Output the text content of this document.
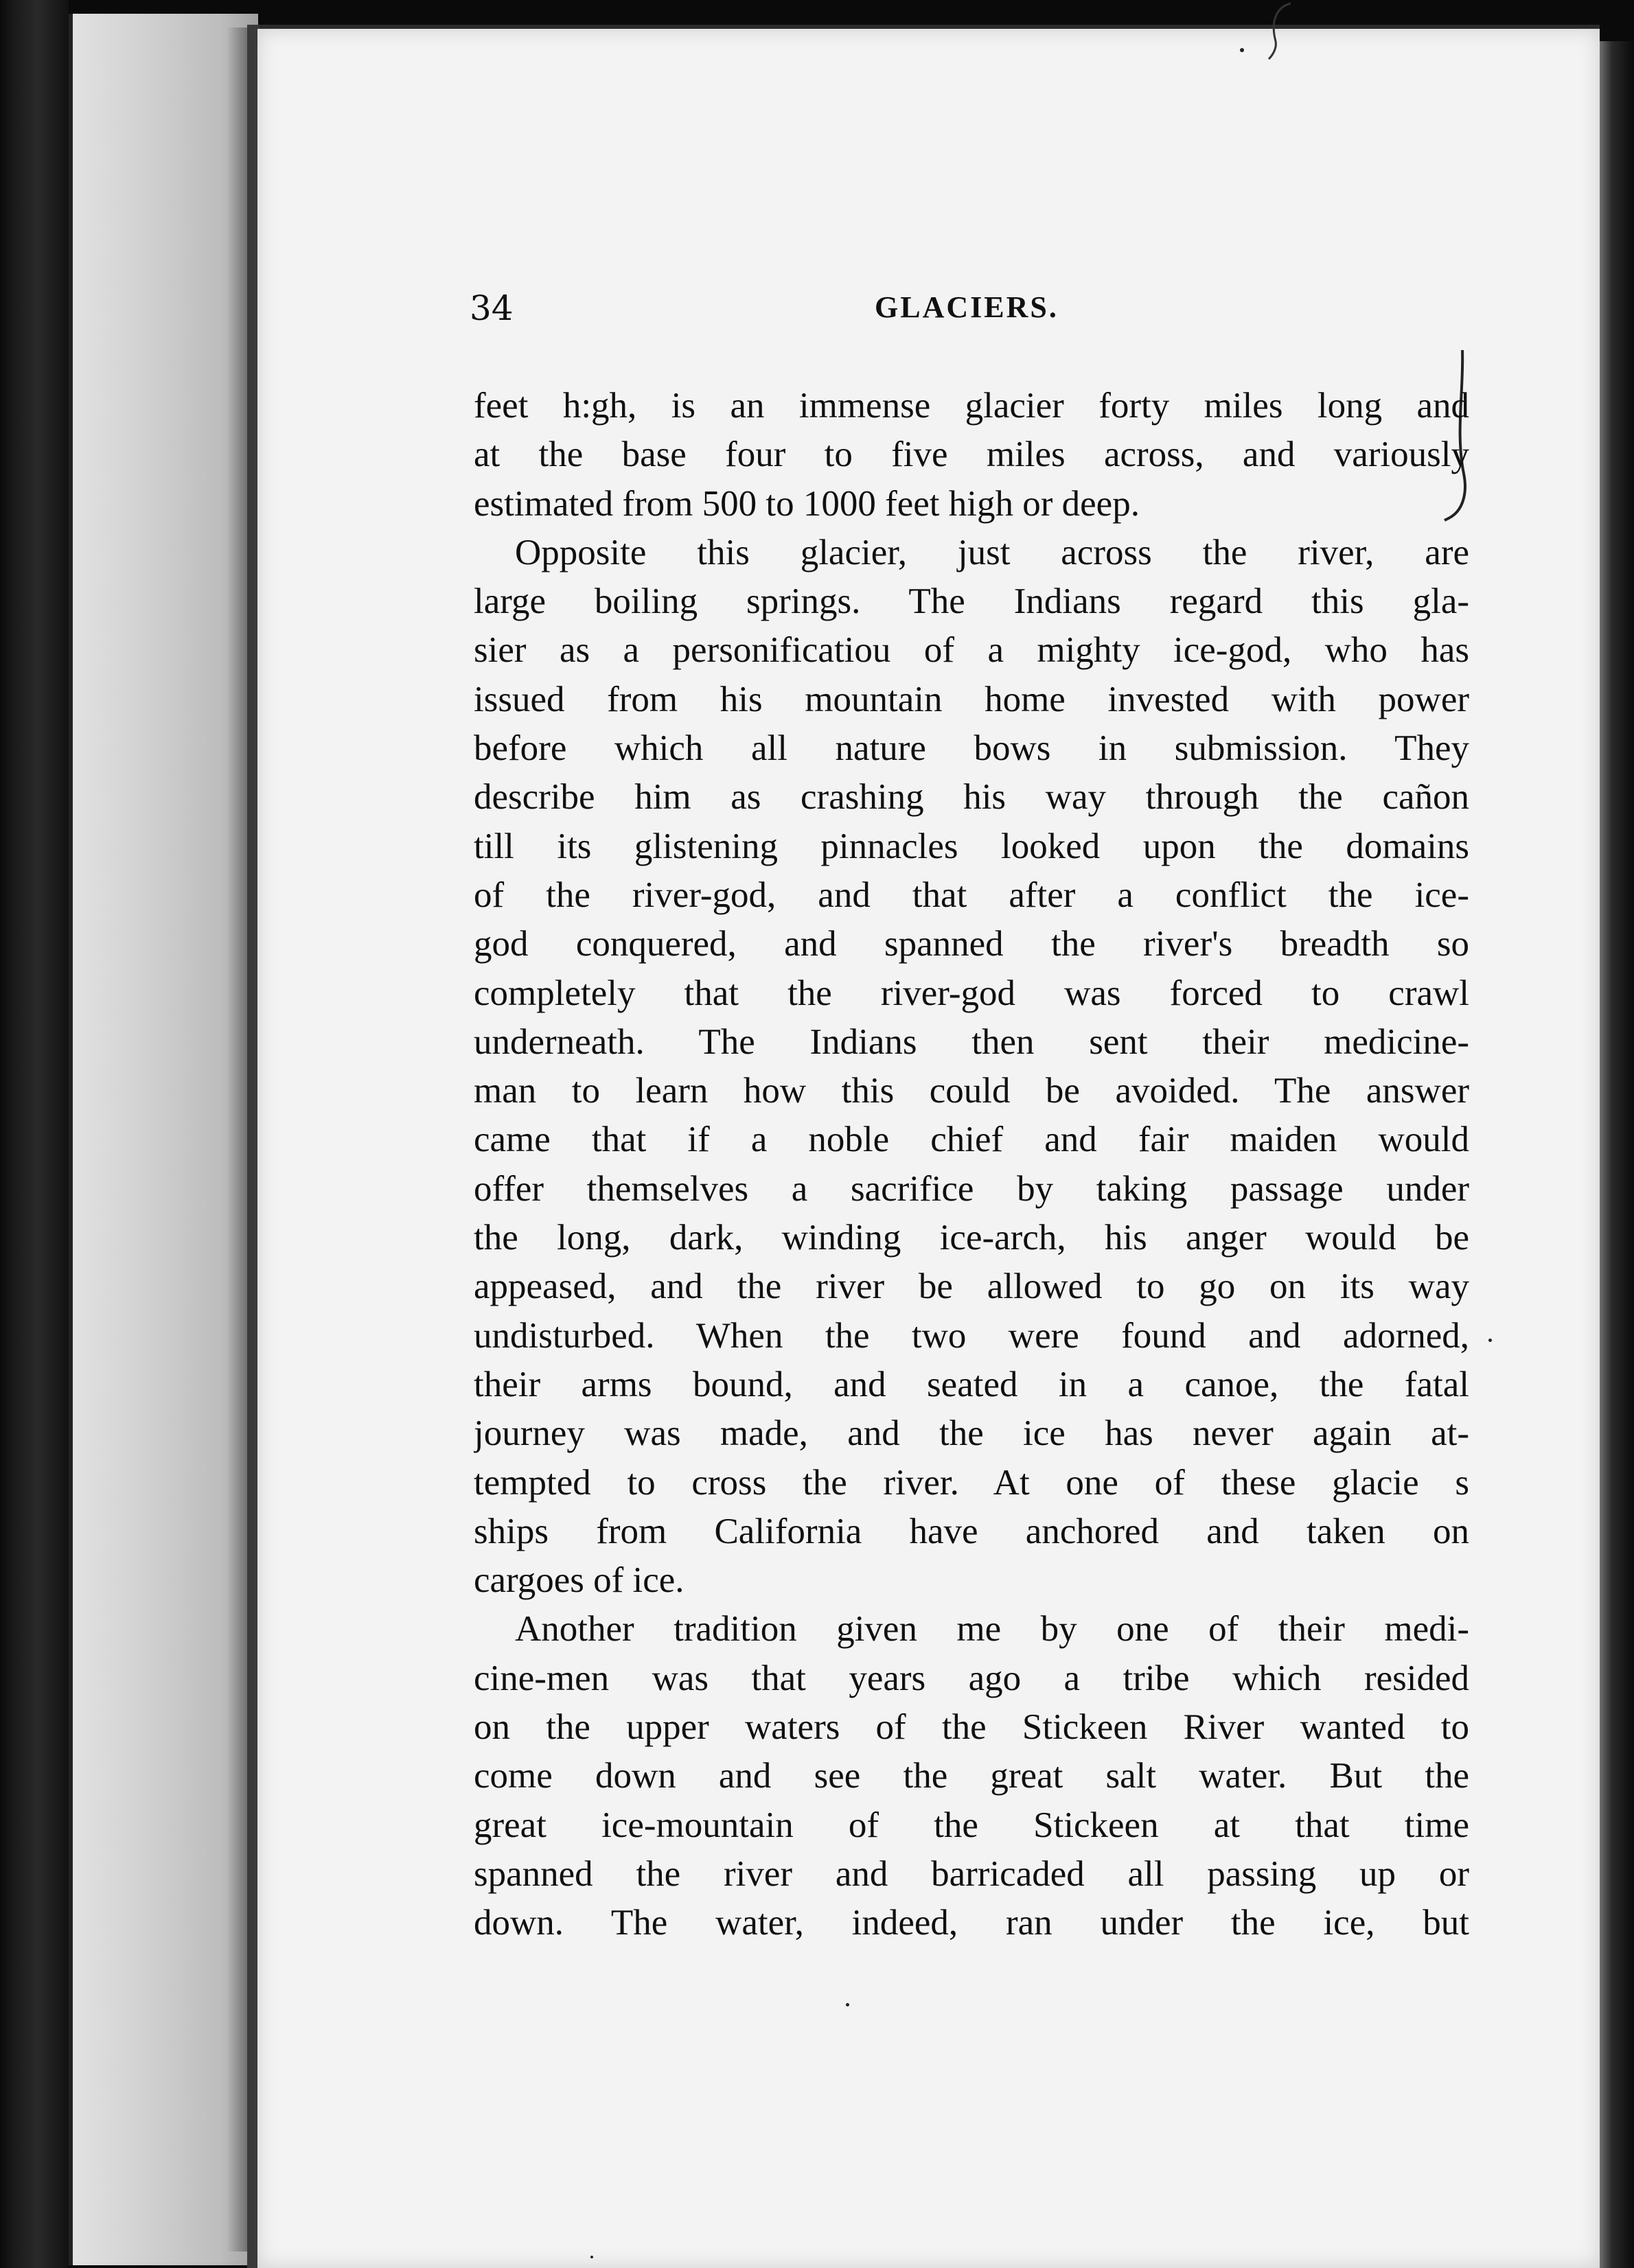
34	GLACIERS.
feet h:gh, is an immense glacier forty miles long and
at the base four to five miles across, and variously
estimated from 500 to 1000 feet high or deep.
Opposite this glacier, just across the river, are
large boiling springs. The Indians regard this gla-
sier as a personificatiou of a mighty ice-god, who has
issued from his mountain home invested with power
before which all nature bows in submission. They
describe him as crashing his way through the cañon
till its glistening pinnacles looked upon the domains
of the river-god, and that after a conflict the ice-
god conquered, and spanned the river's breadth so
completely that the river-god was forced to crawl
underneath. The Indians then sent their medicine-
man to learn how this could be avoided. The answer
came that if a noble chief and fair maiden would
offer themselves a sacrifice by taking passage under
the long, dark, winding ice-arch, his anger would be
appeased, and the river be allowed to go on its way
undisturbed. When the two were found and adorned,
their arms bound, and seated in a canoe, the fatal
journey was made, and the ice has never again at-
tempted to cross the river. At one of these glacie s
ships from California have anchored and taken on
cargoes of ice.
Another tradition given me by one of their medi-
cine-men was that years ago a tribe which resided
on the upper waters of the Stickeen River wanted to
come down and see the great salt water. But the
great ice-mountain of the Stickeen at that time
spanned the river and barricaded all passing up or
down. The water, indeed, ran under the ice, but
